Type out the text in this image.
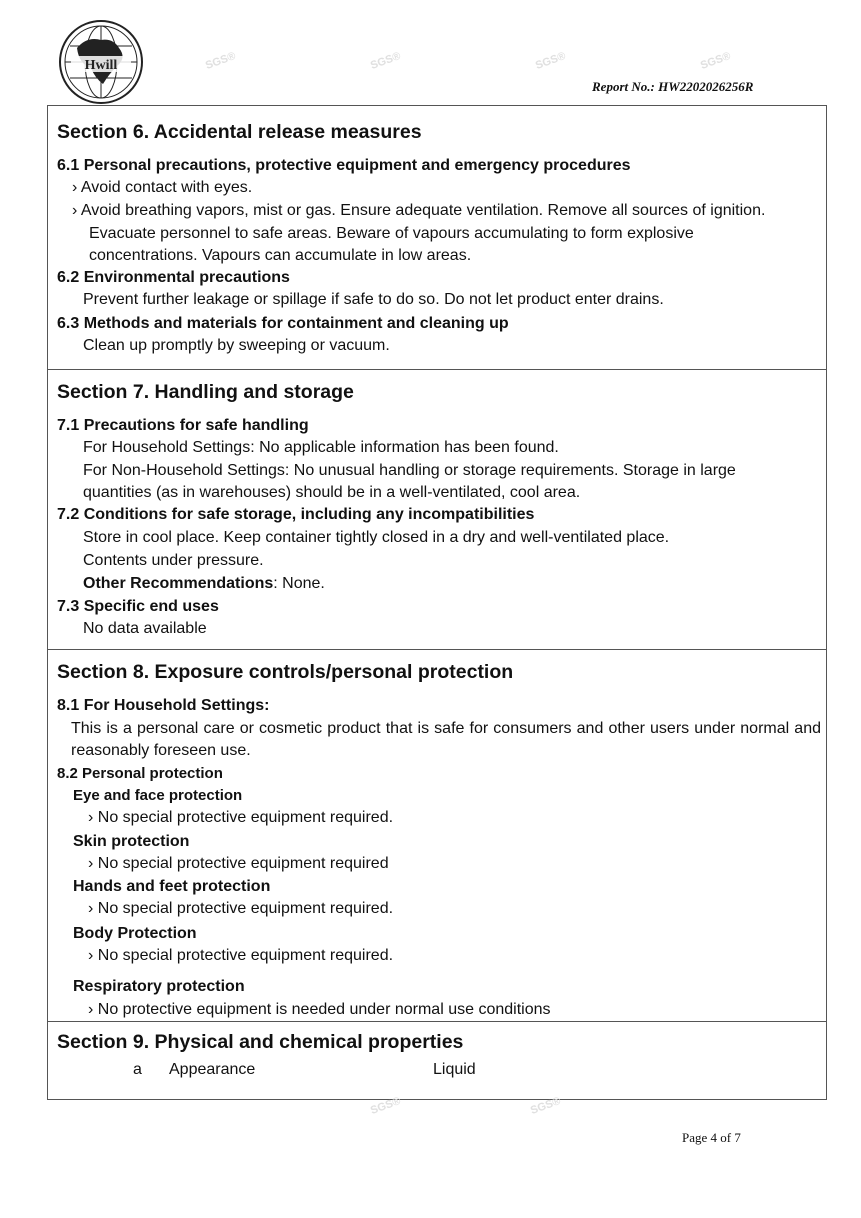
Hwill
Report No.: HW2202026256R
Section 6. Accidental release measures
6.1 Personal precautions, protective equipment and emergency procedures
› Avoid contact with eyes.
› Avoid breathing vapors, mist or gas. Ensure adequate ventilation. Remove all sources of ignition.
Evacuate personnel to safe areas. Beware of vapours accumulating to form explosive
concentrations. Vapours can accumulate in low areas.
6.2 Environmental precautions
Prevent further leakage or spillage if safe to do so. Do not let product enter drains.
6.3 Methods and materials for containment and cleaning up
Clean up promptly by sweeping or vacuum.
Section 7. Handling and storage
7.1 Precautions for safe handling
For Household Settings: No applicable information has been found.
For Non-Household Settings: No unusual handling or storage requirements. Storage in large
quantities (as in warehouses) should be in a well-ventilated, cool area.
7.2 Conditions for safe storage, including any incompatibilities
Store in cool place. Keep container tightly closed in a dry and well-ventilated place.
Contents under pressure.
Other Recommendations: None.
7.3 Specific end uses
No data available
Section 8. Exposure controls/personal protection
8.1 For Household Settings:
This is a personal care or cosmetic product that is safe for consumers and other users under normal and reasonably foreseen use.
8.2 Personal protection
Eye and face protection
› No special protective equipment required.
Skin protection
› No special protective equipment required
Hands and feet protection
› No special protective equipment required.
Body Protection
› No special protective equipment required.
Respiratory protection
› No protective equipment is needed under normal use conditions
Section 9. Physical and chemical properties
a Appearance	Liquid
Page 4 of 7
SGS®	SGS®	SGS®	SGS®
SGS®
SGS®
